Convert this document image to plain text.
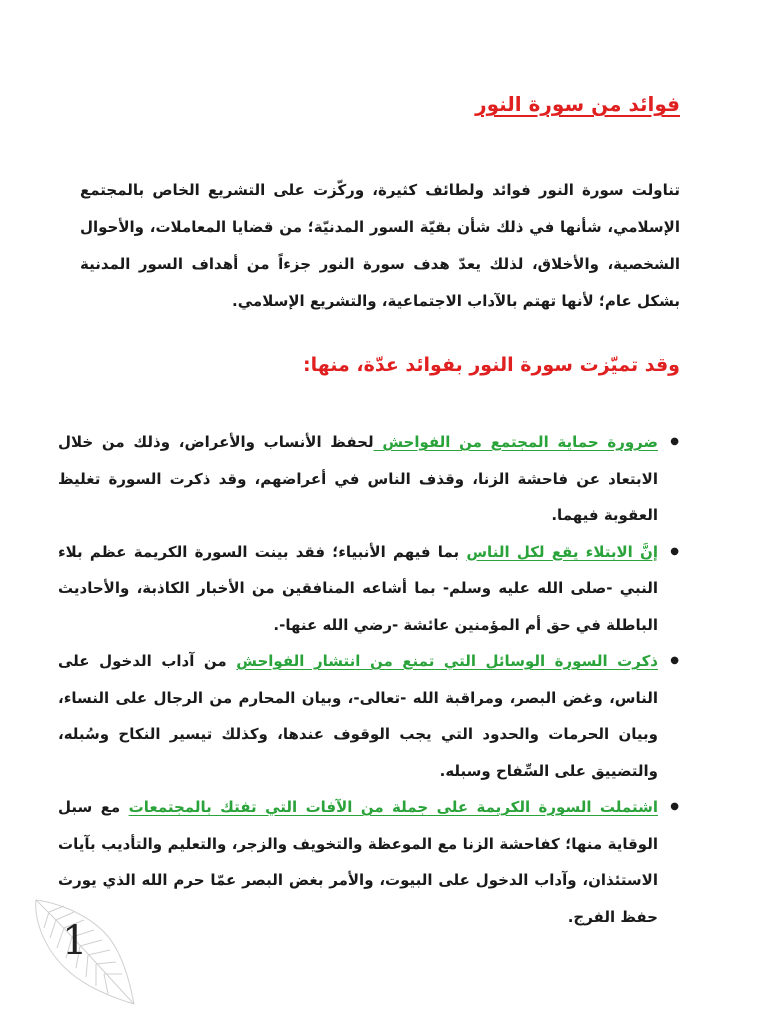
فوائد من سورة النور

تناولت سورة النور فوائد ولطائف كثيرة، وركّزت على التشريع الخاص بالمجتمع الإسلامي، شأنها في ذلك شأن بقيّة السور المدنيّة؛ من قضايا المعاملات، والأحوال الشخصية، والأخلاق، لذلك يعدّ هدف سورة النور جزءاً من أهداف السور المدنية بشكل عام؛ لأنها تهتم بالآداب الاجتماعية، والتشريع الإسلامي.

وقد تميّزت سورة النور بفوائد عدّة، منها:
● ضرورة حماية المجتمع من الفواحش لحفظ الأنساب والأعراض، وذلك من خلال الابتعاد عن فاحشة الزنا، وقذف الناس في أعراضهم، وقد ذكرت السورة تغليظ العقوبة فيهما.
● إنَّ الابتلاء يقع لكل الناس بما فيهم الأنبياء؛ فقد بينت السورة الكريمة عظم بلاء النبي -صلى الله عليه وسلم- بما أشاعه المنافقين من الأخبار الكاذبة، والأحاديث الباطلة في حق أم المؤمنين عائشة -رضي الله عنها-.
● ذكرت السورة الوسائل التي تمنع من انتشار الفواحش من آداب الدخول على الناس، وغض البصر، ومراقبة الله -تعالى-، وبيان المحارم من الرجال على النساء، وبيان الحرمات والحدود التي يجب الوقوف عندها، وكذلك تيسير النكاح وسُبله، والتضييق على السِّفاح وسبله.
● اشتملت السورة الكريمة على جملة من الآفات التي تفتك بالمجتمعات مع سبل الوقاية منها؛ كفاحشة الزنا مع الموعظة والتخويف والزجر، والتعليم والتأديب بآيات الاستئذان، وآداب الدخول على البيوت، والأمر بغض البصر عمّا حرم الله الذي يورث حفظ الفرج.
1
